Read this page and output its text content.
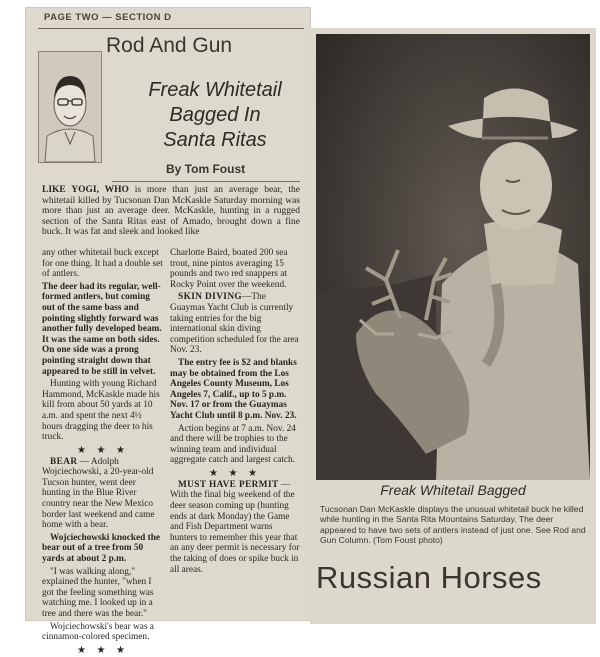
PAGE TWO — SECTION D
Rod And Gun
Freak Whitetail
Bagged In
Santa Ritas
By Tom Foust

LIKE YOGI, WHO is more than just an average bear, the whitetail killed by Tucsonan Dan McKaskle Saturday morning was more than just an average deer. McKaskle, hunting in a rugged section of the Santa Ritas east of Amado, brought down a fine buck. It was fat and sleek and looked like

any other whitetail buck except for one thing. It had a double set of antlers.

The deer had its regular, well-formed antlers, but coming out of the same bass and pointing slightly forward was another fully developed beam. It was the same on both sides. On one side was a prong pointing straight down that appeared to be still in velvet.

Hunting with young Richard Hammond, McKaskle made his kill from about 50 yards at 10 a.m. and spent the next 4½ hours dragging the deer to his truck.

★ ★ ★

BEAR — Adolph Wojciechowski, a 20-year-old Tucson hunter, went deer hunting in the Blue River country near the New Mexico border last weekend and came home with a bear.

Wojciechowski knocked the bear out of a tree from 50 yards at about 2 p.m.

"I was walking along," explained the hunter, "when I got the feeling something was watching me. I looked up in a tree and there was the bear."

Wojciechowski's bear was a cinnamon-colored specimen.

★ ★ ★

Charlotte Baird, boated 200 sea trout, nine pintos averaging 15 pounds and two red snappers at Rocky Point over the weekend.

SKIN DIVING—The Guaymas Yacht Club is currently taking entries for the big international skin diving competition scheduled for the area Nov. 23.

The entry fee is $2 and blanks may be obtained from the Los Angeles County Museum, Los Angeles 7, Calif., up to 5 p.m. Nov. 17 or from the Guaymas Yacht Club until 8 p.m. Nov. 23.

Action begins at 7 a.m. Nov. 24 and there will be trophies to the winning team and individual aggregate catch and largest catch.

★ ★ ★

MUST HAVE PERMIT — With the final big weekend of the deer season coming up (hunting ends at dark Monday) the Game and Fish Department warns hunters to remember this year that an any deer permit is necessary for the taking of does or spike buck in all areas.

Freak Whitetail Bagged

Tucsonan Dan McKaskle displays the unusual whitetail buck he killed while hunting in the Santa Rita Mountains Saturday. The deer appeared to have two sets of antlers instead of just one. See Rod and Gun Column. (Tom Foust photo)

Russian Horses
